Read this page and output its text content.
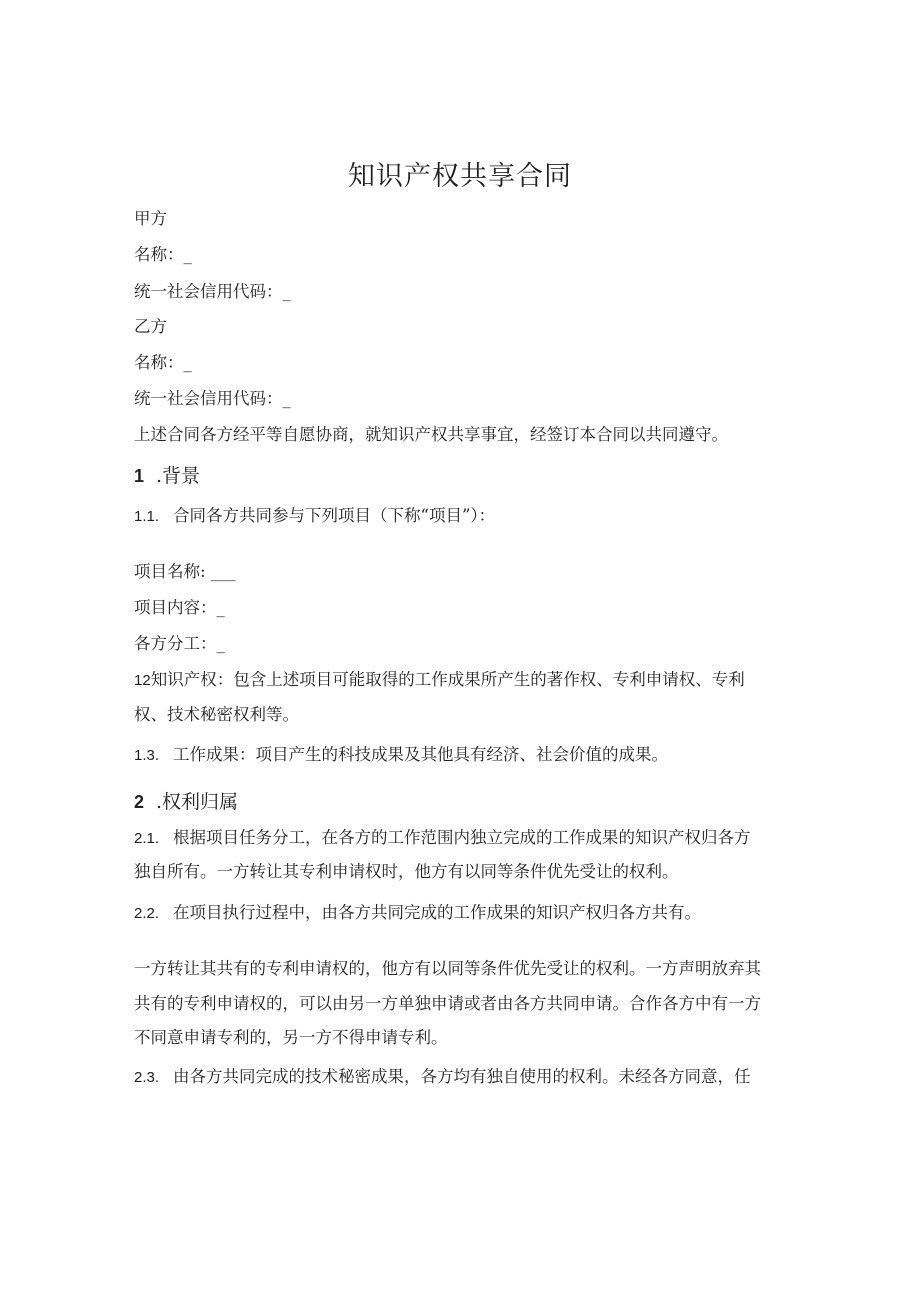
知识产权共享合同
甲方
名称：_
统一社会信用代码：_
乙方
名称：_
统一社会信用代码：_
上述合同各方经平等自愿协商，就知识产权共享事宜，经签订本合同以共同遵守。
1 .背景
1.1. 合同各方共同参与下列项目（下称“项目”）：
项目名称: ___
项目内容：_
各方分工：_
12知识产权：包含上述项目可能取得的工作成果所产生的著作权、专利申请权、专利
权、技术秘密权利等。
1.3. 工作成果：项目产生的科技成果及其他具有经济、社会价值的成果。
2 .权利归属
2.1. 根据项目任务分工，在各方的工作范围内独立完成的工作成果的知识产权归各方
独自所有。一方转让其专利申请权时，他方有以同等条件优先受让的权利。
2.2. 在项目执行过程中，由各方共同完成的工作成果的知识产权归各方共有。
一方转让其共有的专利申请权的，他方有以同等条件优先受让的权利。一方声明放弃其
共有的专利申请权的，可以由另一方单独申请或者由各方共同申请。合作各方中有一方
不同意申请专利的，另一方不得申请专利。
2.3. 由各方共同完成的技术秘密成果，各方均有独自使用的权利。未经各方同意，任
